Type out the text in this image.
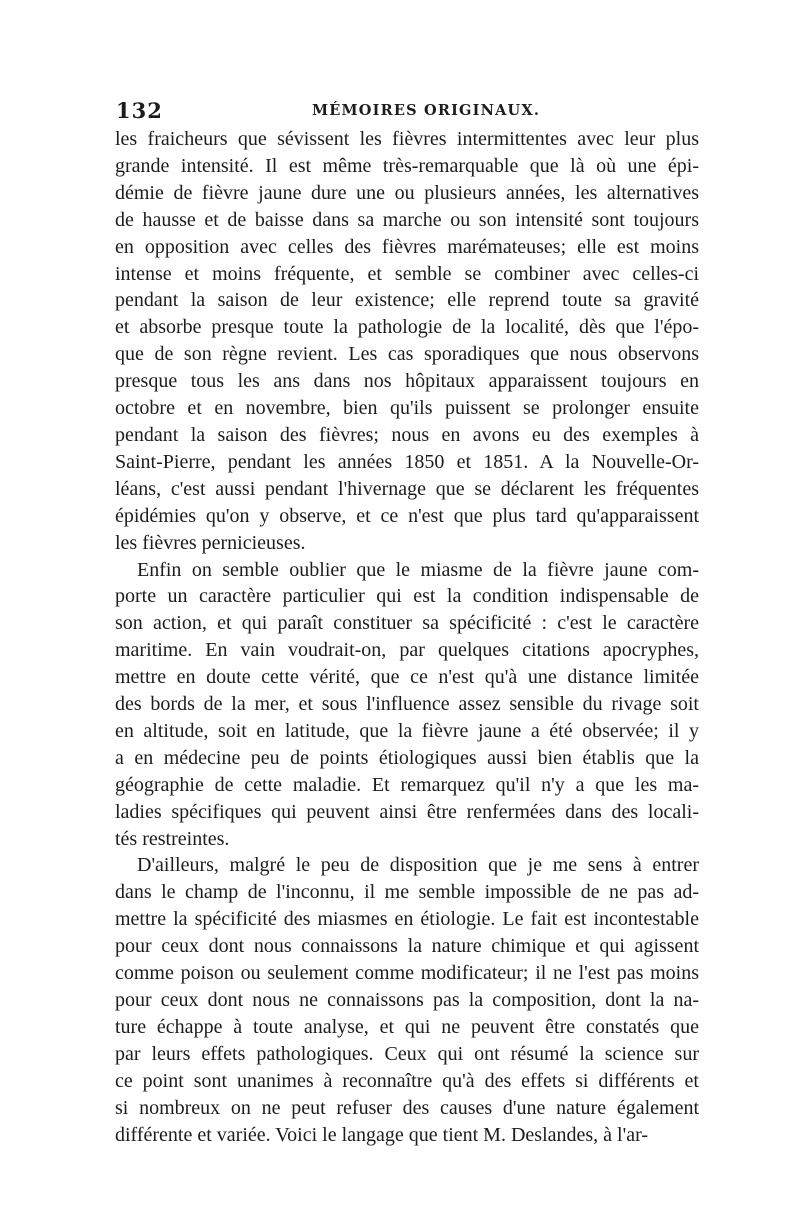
132	MÉMOIRES ORIGINAUX.
les fraicheurs que sévissent les fièvres intermittentes avec leur plus
grande intensité. Il est même très-remarquable que là où une épi-
démie de fièvre jaune dure une ou plusieurs années, les alternatives
de hausse et de baisse dans sa marche ou son intensité sont toujours
en opposition avec celles des fièvres marémateuses; elle est moins
intense et moins fréquente, et semble se combiner avec celles-ci
pendant la saison de leur existence; elle reprend toute sa gravité
et absorbe presque toute la pathologie de la localité, dès que l'épo-
que de son règne revient. Les cas sporadiques que nous observons
presque tous les ans dans nos hôpitaux apparaissent toujours en
octobre et en novembre, bien qu'ils puissent se prolonger ensuite
pendant la saison des fièvres; nous en avons eu des exemples à
Saint-Pierre, pendant les années 1850 et 1851. A la Nouvelle-Or-
léans, c'est aussi pendant l'hivernage que se déclarent les fréquentes
épidémies qu'on y observe, et ce n'est que plus tard qu'apparaissent
les fièvres pernicieuses.
Enfin on semble oublier que le miasme de la fièvre jaune com-
porte un caractère particulier qui est la condition indispensable de
son action, et qui paraît constituer sa spécificité : c'est le caractère
maritime. En vain voudrait-on, par quelques citations apocryphes,
mettre en doute cette vérité, que ce n'est qu'à une distance limitée
des bords de la mer, et sous l'influence assez sensible du rivage soit
en altitude, soit en latitude, que la fièvre jaune a été observée; il y
a en médecine peu de points étiologiques aussi bien établis que la
géographie de cette maladie. Et remarquez qu'il n'y a que les ma-
ladies spécifiques qui peuvent ainsi être renfermées dans des locali-
tés restreintes.
D'ailleurs, malgré le peu de disposition que je me sens à entrer
dans le champ de l'inconnu, il me semble impossible de ne pas ad-
mettre la spécificité des miasmes en étiologie. Le fait est incontestable
pour ceux dont nous connaissons la nature chimique et qui agissent
comme poison ou seulement comme modificateur; il ne l'est pas moins
pour ceux dont nous ne connaissons pas la composition, dont la na-
ture échappe à toute analyse, et qui ne peuvent être constatés que
par leurs effets pathologiques. Ceux qui ont résumé la science sur
ce point sont unanimes à reconnaître qu'à des effets si différents et
si nombreux on ne peut refuser des causes d'une nature également
différente et variée. Voici le langage que tient M. Deslandes, à l'ar-
